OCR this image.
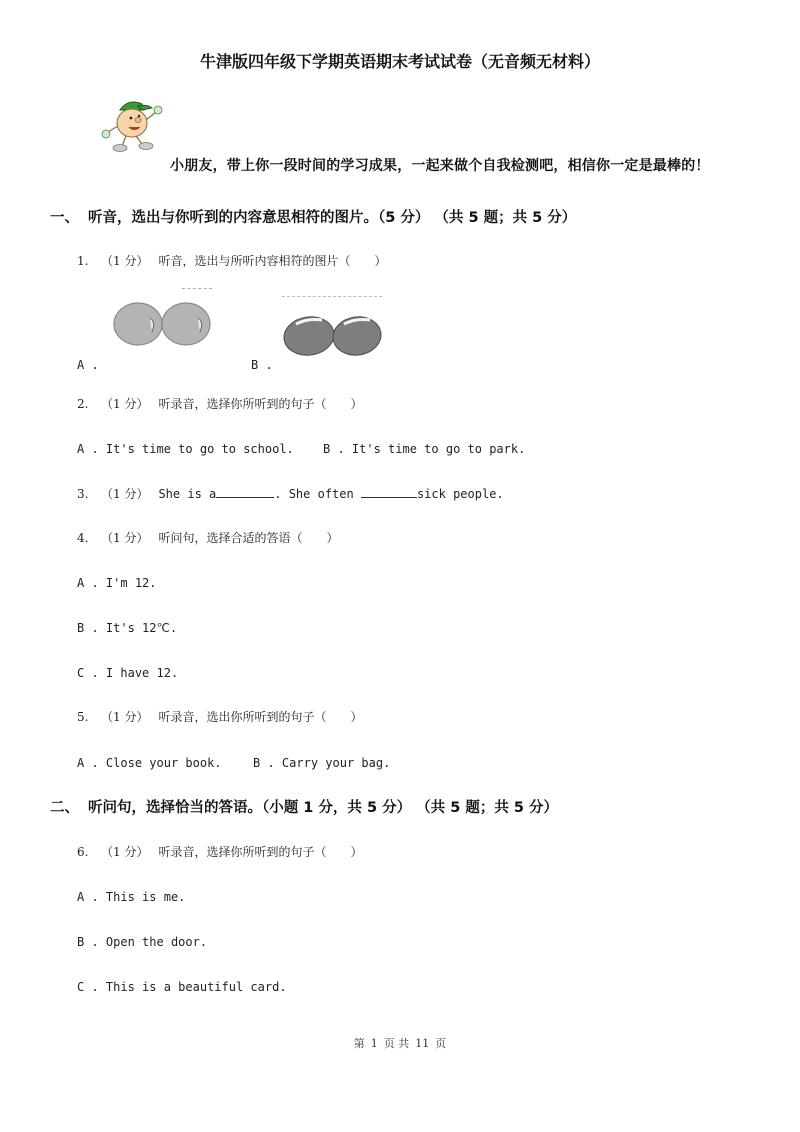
牛津版四年级下学期英语期末考试试卷（无音频无材料）
小朋友，带上你一段时间的学习成果，一起来做个自我检测吧，相信你一定是最棒的！
一、 听音，选出与你听到的内容意思相符的图片。（5 分） （共 5 题；共 5 分）
1. （1 分） 听音，选出与所听内容相符的图片（　　）
A .	B .
2. （1 分） 听录音，选择你所听到的句子（　　）
A . It's time to go to school. B . It's time to go to park.
3. （1 分） She is a	. She often	sick people.
4. （1 分） 听问句，选择合适的答语（　　）
A . I'm 12.
B . It's 12℃.
C . I have 12.
5. （1 分） 听录音，选出你所听到的句子（　　）
A . Close your book.	B . Carry your bag.
二、 听问句，选择恰当的答语。（小题 1 分，共 5 分） （共 5 题；共 5 分）
6. （1 分） 听录音，选择你所听到的句子（　　）
A . This is me.
B . Open the door.
C . This is a beautiful card.
第 1 页 共 11 页
